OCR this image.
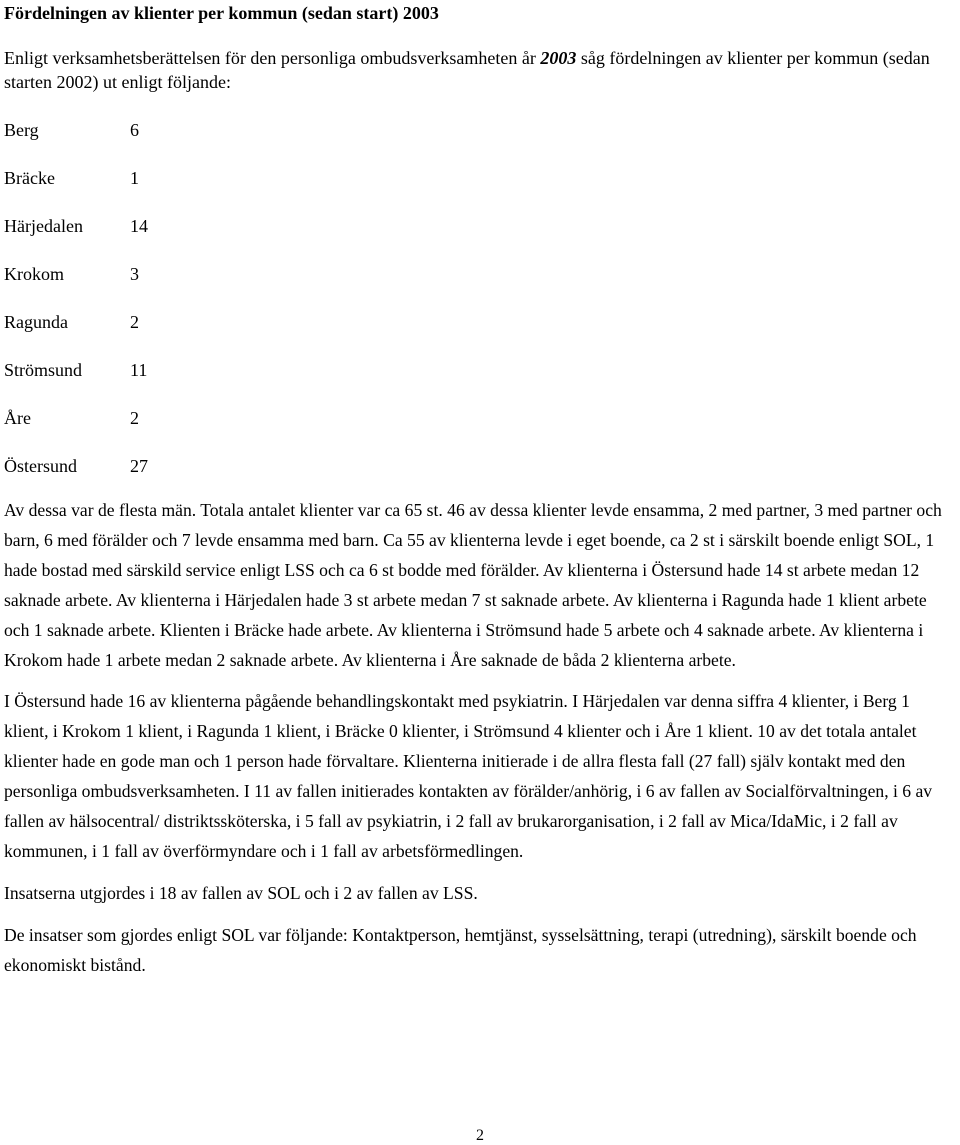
Fördelningen av klienter per kommun (sedan start) 2003

Enligt verksamhetsberättelsen för den personliga ombudsverksamheten år 2003 såg fördelningen av klienter per kommun (sedan starten 2002) ut enligt följande:

Berg	6
Bräcke	1
Härjedalen	14
Krokom	3
Ragunda	2
Strömsund	11
Åre	2
Östersund	27

Av dessa var de flesta män. Totala antalet klienter var ca 65 st. 46 av dessa klienter levde ensamma, 2 med partner, 3 med partner och barn, 6 med förälder och 7 levde ensamma med barn. Ca 55 av klienterna levde i eget boende, ca 2 st i särskilt boende enligt SOL, 1 hade bostad med särskild service enligt LSS och ca 6 st bodde med förälder. Av klienterna i Östersund hade 14 st arbete medan 12 saknade arbete. Av klienterna i Härjedalen hade 3 st arbete medan 7 st saknade arbete. Av klienterna i Ragunda hade 1 klient arbete och 1 saknade arbete. Klienten i Bräcke hade arbete. Av klienterna i Strömsund hade 5 arbete och 4 saknade arbete. Av klienterna i Krokom hade 1 arbete medan 2 saknade arbete. Av klienterna i Åre saknade de båda 2 klienterna arbete.

I Östersund hade 16 av klienterna pågående behandlingskontakt med psykiatrin. I Härjedalen var denna siffra 4 klienter, i Berg 1 klient, i Krokom 1 klient, i Ragunda 1 klient, i Bräcke 0 klienter, i Strömsund 4 klienter och i Åre 1 klient. 10 av det totala antalet klienter hade en gode man och 1 person hade förvaltare. Klienterna initierade i de allra flesta fall (27 fall) själv kontakt med den personliga ombudsverksamheten. I 11 av fallen initierades kontakten av förälder/anhörig, i 6 av fallen av Socialförvaltningen, i 6 av fallen av hälsocentral/ distriktssköterska, i 5 fall av psykiatrin, i 2 fall av brukarorganisation, i 2 fall av Mica/IdaMic, i 2 fall av kommunen, i 1 fall av överförmyndare och i 1 fall av arbetsförmedlingen.

Insatserna utgjordes i 18 av fallen av SOL och i 2 av fallen av LSS.

De insatser som gjordes enligt SOL var följande: Kontaktperson, hemtjänst, sysselsättning, terapi (utredning), särskilt boende och ekonomiskt bistånd.

2
